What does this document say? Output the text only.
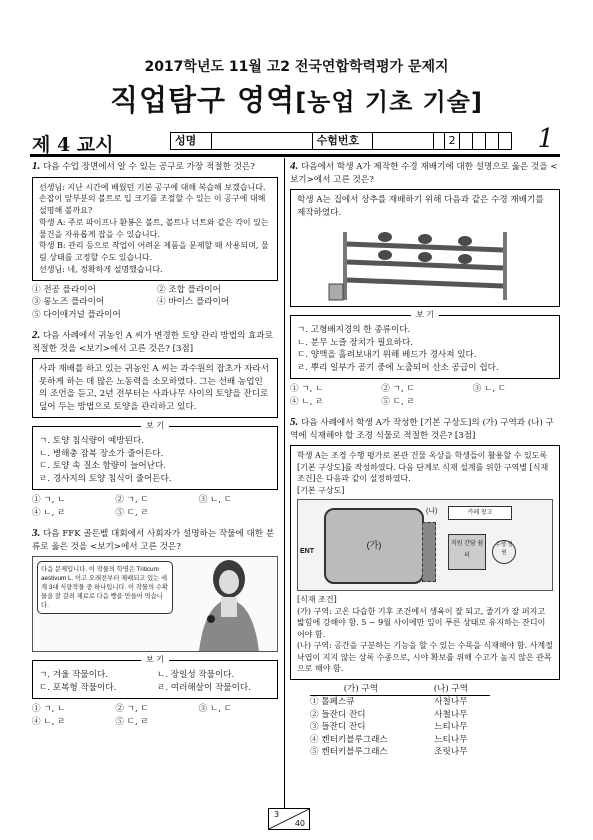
2017학년도 11월 고2 전국연합학력평가 문제지
직업탐구 영역[농업 기초 기술]
제 4 교시	성명	수험번호	2	1

1. 다음 수업 장면에서 알 수 있는 공구로 가장 적절한 것은?

선생님: 지난 시간에 배웠던 기본 공구에 대해 복습해 보겠습니다. 손잡이 앞부분의 볼트로 입 크기를 조절할 수 있는 이 공구에 대해 설명해 볼까요?
학생 A: 주로 파이프나 환봉은 볼트, 볼트나 너트와 같은 각이 있는 물건을 자유롭게 잡을 수 있습니다.
학생 B: 관리 등으로 작업이 어려운 제품을 문제할 때 사용되며, 물림 상태를 고정할 수도 있습니다.
선생님: 네, 정확하게 설명했습니다.
① 전공 플라이어	② 조합 플라이어
③ 롱노즈 플라이어	④ 바이스 플라이어
⑤ 다이애거널 플라이어

2. 다음 사례에서 귀농인 A 씨가 변경한 토양 관리 방법의 효과로 적절한 것을 <보기>에서 고른 것은? [3점]

사과 재배를 하고 있는 귀농인 A 씨는 과수원의 잡초가 자라서 못하게 하는 데 많은 노동력을 소모하였다. 그는 선배 농업인의 조언을 듣고, 2년 전부터는 사과나무 사이의 토양을 잔디로 덮어 두는 방법으로 토양을 관리하고 있다.
보 기
ㄱ. 토양 침식량이 예방된다.
ㄴ. 병해충 잠복 장소가 줄어든다.
ㄷ. 토양 속 질소 함량이 늘어난다.
ㄹ. 경사지의 토양 침식이 줄어든다.
① ㄱ, ㄴ	② ㄱ, ㄷ	③ ㄴ, ㄷ
④ ㄴ, ㄹ	⑤ ㄷ, ㄹ

3. 다음 FFK 골든벨 대회에서 사회자가 설명하는 작물에 대한 분류로 옳은 것을 <보기>에서 고른 것은?

다음 문제입니다. 이 작물의 학명은 Triticum aestivum L. 이고 오래전부터 재배되고 있는 세계 3대 식량작물 중 하나입니다. 이 작물의 수확물을 잘 갈려 재료로 다음 빵을 만들어 먹습니다.
보 기
ㄱ. 겨울 작물이다.	ㄴ. 장일성 작물이다.
ㄷ. 포복형 작물이다.	ㄹ. 여러해살이 작물이다.
① ㄱ, ㄴ	② ㄱ, ㄷ	③ ㄴ, ㄷ
④ ㄴ, ㄹ	⑤ ㄷ, ㄹ

4. 다음에서 학생 A가 제작한 수경 재배기에 대한 설명으로 옳은 것을 <보기>에서 고른 것은?

학생 A는 집에서 상추를 재배하기 위해 다음과 같은 수경 재배기를 제작하였다.
보 기
ㄱ. 고형배지경의 한 종류이다.
ㄴ. 분무 노즐 장치가 필요하다.
ㄷ. 양액을 흘려보내기 위해 베드가 경사져 있다.
ㄹ. 뿌리 일부가 공기 중에 노출되어 산소 공급이 쉽다.
① ㄱ, ㄴ	② ㄱ, ㄷ	③ ㄴ, ㄷ
④ ㄴ, ㄹ	⑤ ㄷ, ㄹ

5. 다음 사례에서 학생 A가 작성한 [기본 구상도]의 (가) 구역과 (나) 구역에 식재해야 할 조경 식물로 적절한 것은? [3점]

학생 A는 조경 수행 평가로 본관 건물 옥상을 학생들이 활용할 수 있도록 [기본 구상도]를 작성하였다. 다음 단계로 식재 설계를 위한 구역별 [식재 조건]은 다음과 같이 설정하였다.
[기본 구상도]
(가)
(나)	카페 창고
직원 간담 쉼터
수생 정원
ENT
[식재 조건]
(가) 구역: 고온 다습한 기후 조건에서 생육이 잘 되고, 줄기가 잘 퍼지고 밟힘에 강해야 함. 5 ~ 9월 사이에만 잎이 푸른 상태로 유지하는 잔디이어야 함.
(나) 구역: 공간을 구분하는 기능을 할 수 있는 수목을 식재해야 함. 사계절 낙엽이 지지 않는 상록 수종으로, 시야 확보를 위해 수고가 높지 않은 관목으로 해야 함.
(가) 구역	(나) 구역
① 톨페스큐	사철나무
② 들잔디 잔디	사철나무
③ 들잔디 잔디	느티나무
④ 켄터키블루그래스	느티나무
⑤ 켄터키블루그래스	조릿나무
3
40
